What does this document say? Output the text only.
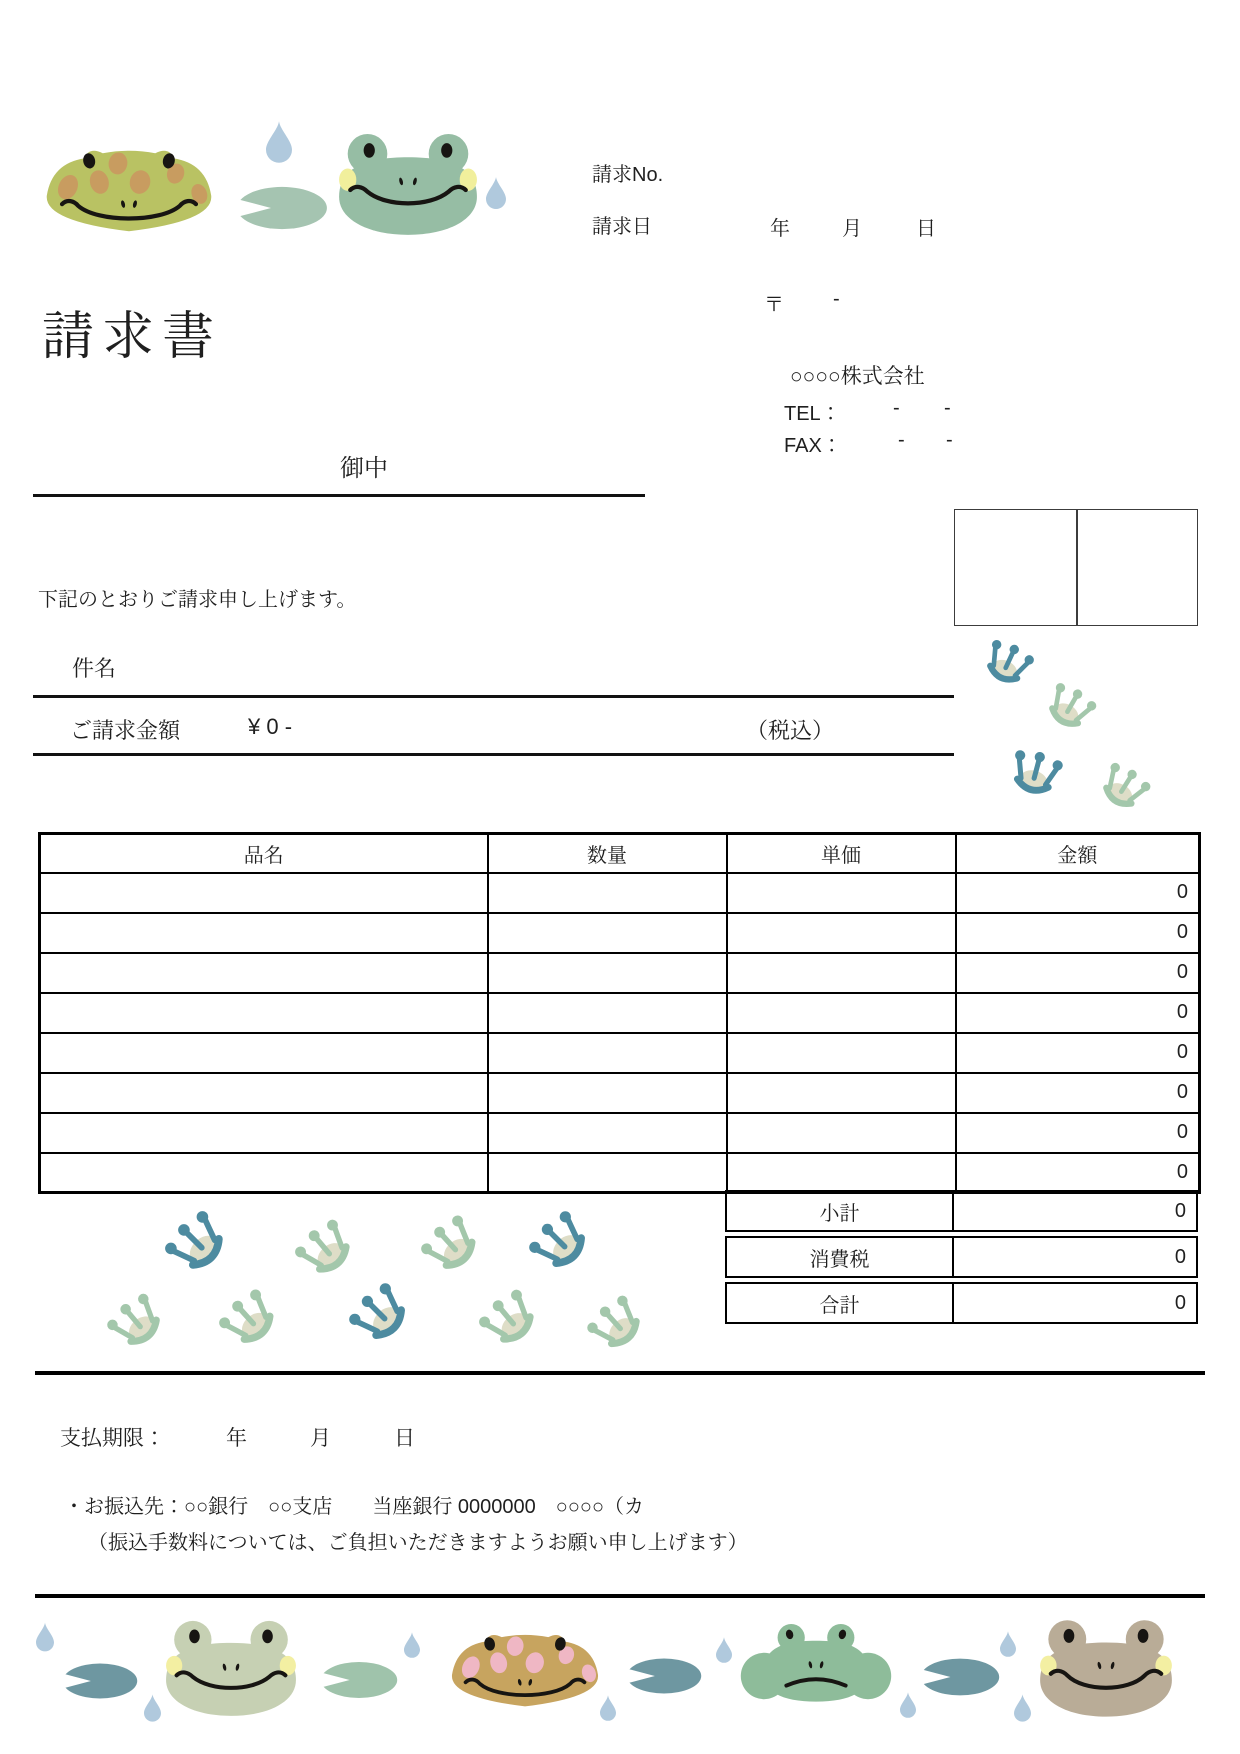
請求No.
請求日	年	月	日
〒 -
○○○○株式会社
TEL：	- -
FAX：	- -
請求書
御中
下記のとおりご請求申し上げます。
件名
ご請求金額	¥ 0 -	（税込）
品名	数量	単価	金額
			0
			0
			0
			0
			0
			0
			0
			0
小計	0
消費税	0
合計	0
支払期限：	年	月	日
・お振込先：○○銀行　○○支店　　当座銀行 0000000　○○○○（カ
（振込手数料については、ご負担いただきますようお願い申し上げます）
